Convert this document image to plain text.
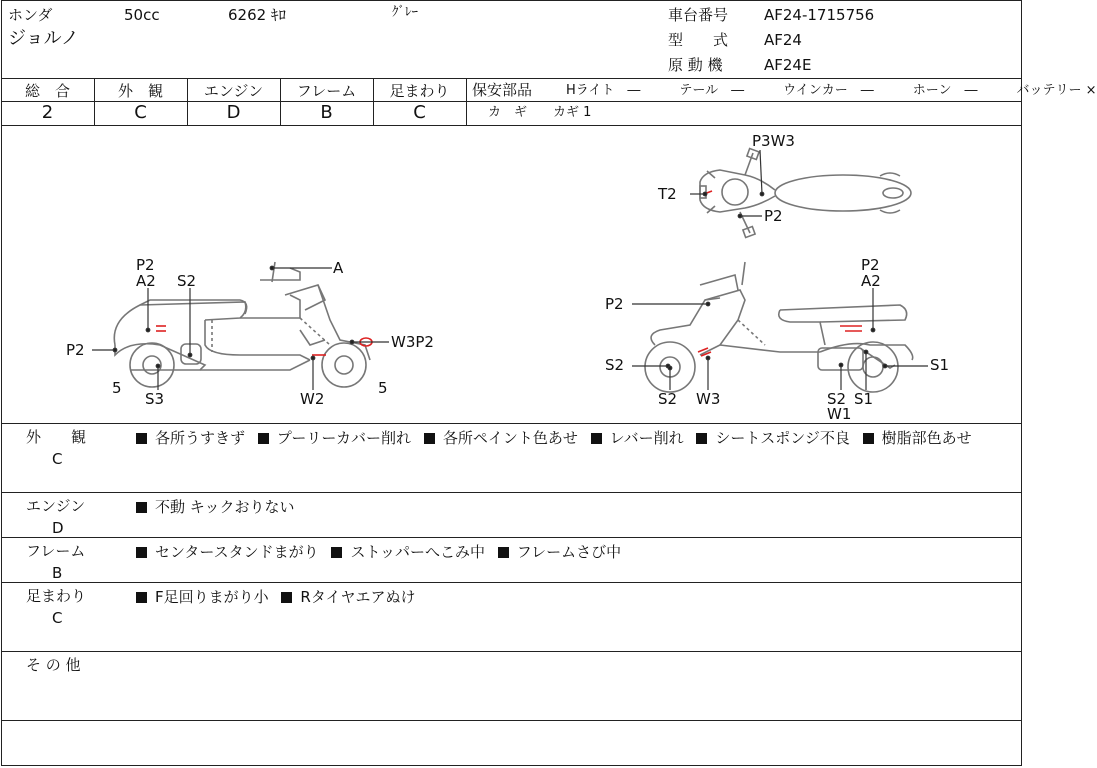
ホンダ	50cc	6262 ｷﾛ	ｸﾞﾚｰ
ジョルノ
車台番号 AF24-1715756
型　　式 AF24
原 動 機	AF24E
総　合	外　観	エンジン	フレーム	足まわり
2	C	D	B	C
保安部品	Hライト　―　　　テール　―　　　ウインカー　―　　　ホーン　―　　　バッテリー ×
カ　ギ　　カギ 1
P3W3
T2
P2
P2
A2 S2
A
P2	W3P2
5
S3	W2
5
P2
P2
A2
S2
S2 W3	S2
W1
S1
S1
外　　観
C
各所うすきず プーリーカバー削れ 各所ペイント色あせ レバー削れ シートスポンジ不良 樹脂部色あせ
エンジン
D
不動 キックおりない
フレーム
B
センタースタンドまがり ストッパーへこみ中 フレームさび中
足まわり
C
F足回りまがり小 Rタイヤエアぬけ
そ の 他
